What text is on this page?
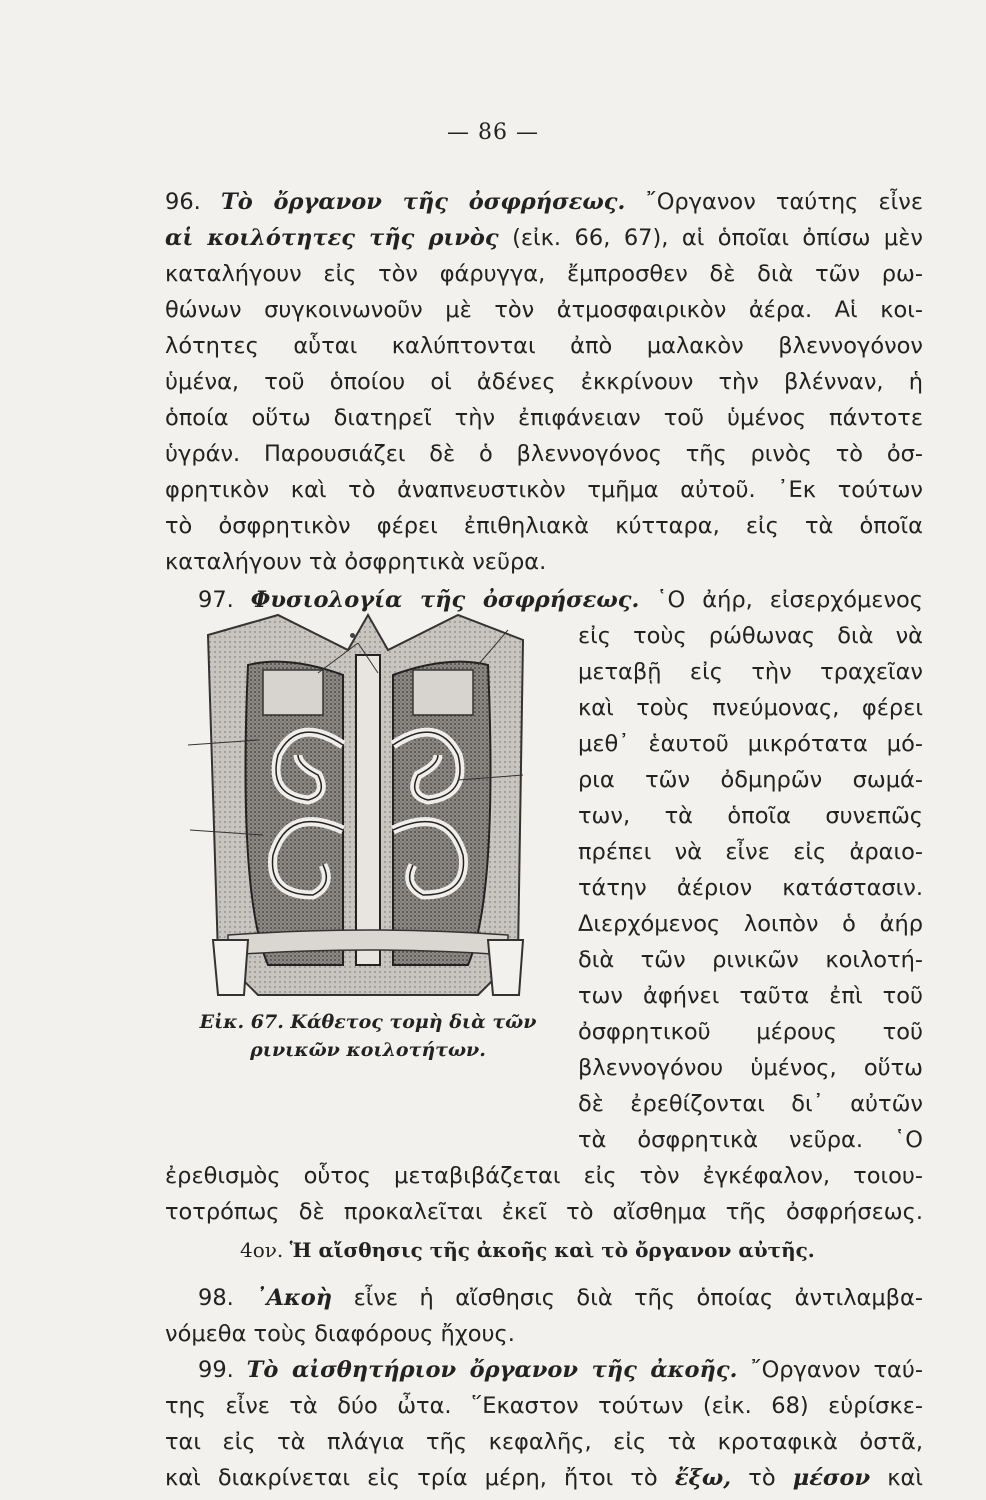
— 86 —
96. Τὸ ὄργανον τῆς ὀσφρήσεως. ῎Οργανον ταύτης εἶνε
αἱ κοιλότητες τῆς ρινὸς (εἰκ. 66, 67), αἱ ὁποῖαι ὀπίσω μὲν
καταλήγουν εἰς τὸν φάρυγγα, ἔμπροσθεν δὲ διὰ τῶν ρω-
θώνων συγκοινωνοῦν μὲ τὸν ἀτμοσφαιρικὸν ἀέρα. Αἱ κοι-
λότητες αὗται καλύπτονται ἀπὸ μαλακὸν βλεννογόνον
ὑμένα, τοῦ ὁποίου οἱ ἀδένες ἐκκρίνουν τὴν βλένναν, ἡ
ὁποία οὕτω διατηρεῖ τὴν ἐπιφάνειαν τοῦ ὑμένος πάντοτε
ὑγράν. Παρουσιάζει δὲ ὁ βλεννογόνος τῆς ρινὸς τὸ ὀσ-
φρητικὸν καὶ τὸ ἀναπνευστικὸν τμῆμα αὐτοῦ. ᾿Εκ τούτων
τὸ ὀσφρητικὸν φέρει ἐπιθηλιακὰ κύτταρα, εἰς τὰ ὁποῖα
καταλήγουν τὰ ὀσφρητικὰ νεῦρα.
97. Φυσιολογία τῆς ὀσφρήσεως. ῾Ο ἀήρ, εἰσερχόμενος
εἰς τοὺς ρώθωνας διὰ νὰ
μεταβῇ εἰς τὴν τραχεῖαν
καὶ τοὺς πνεύμονας, φέρει
μεθ᾿ ἑαυτοῦ μικρότατα μό-
ρια τῶν ὀδμηρῶν σωμά-
των, τὰ ὁποῖα συνεπῶς
πρέπει νὰ εἶνε εἰς ἀραιο-
τάτην ἀέριον κατάστασιν.
Διερχόμενος λοιπὸν ὁ ἀήρ
διὰ τῶν ρινικῶν κοιλοτή-
των ἀφήνει ταῦτα ἐπὶ τοῦ
ὀσφρητικοῦ μέρους τοῦ
βλεννογόνου ὑμένος, οὕτω
δὲ ἐρεθίζονται δι᾿ αὐτῶν
τὰ ὀσφρητικὰ νεῦρα. ῾Ο
ἐρεθισμὸς οὗτος μεταβιβάζεται εἰς τὸν ἐγκέφαλον, τοιου-
τοτρόπως δὲ προκαλεῖται ἐκεῖ τὸ αἴσθημα τῆς ὀσφρήσεως.
4ον. Ἡ αἴσθησις τῆς ἀκοῆς καὶ τὸ ὄργανον αὐτῆς.
98. ᾿Ακοὴ εἶνε ἡ αἴσθησις διὰ τῆς ὁποίας ἀντιλαμβα-
νόμεθα τοὺς διαφόρους ἤχους.
99. Τὸ αἰσθητήριον ὄργανον τῆς ἀκοῆς. ῎Οργανον ταύ-
της εἶνε τὰ δύο ὦτα. ῞Εκαστον τούτων (εἰκ. 68) εὑρίσκε-
ται εἰς τὰ πλάγια τῆς κεφαλῆς, εἰς τὰ κροταφικὰ ὀστᾶ,
καὶ διακρίνεται εἰς τρία μέρη, ἤτοι τὸ ἔξω, τὸ μέσον καὶ
Εἰκ. 67. Κάθετος τομὴ διὰ τῶν
ρινικῶν κοιλοτήτων.
